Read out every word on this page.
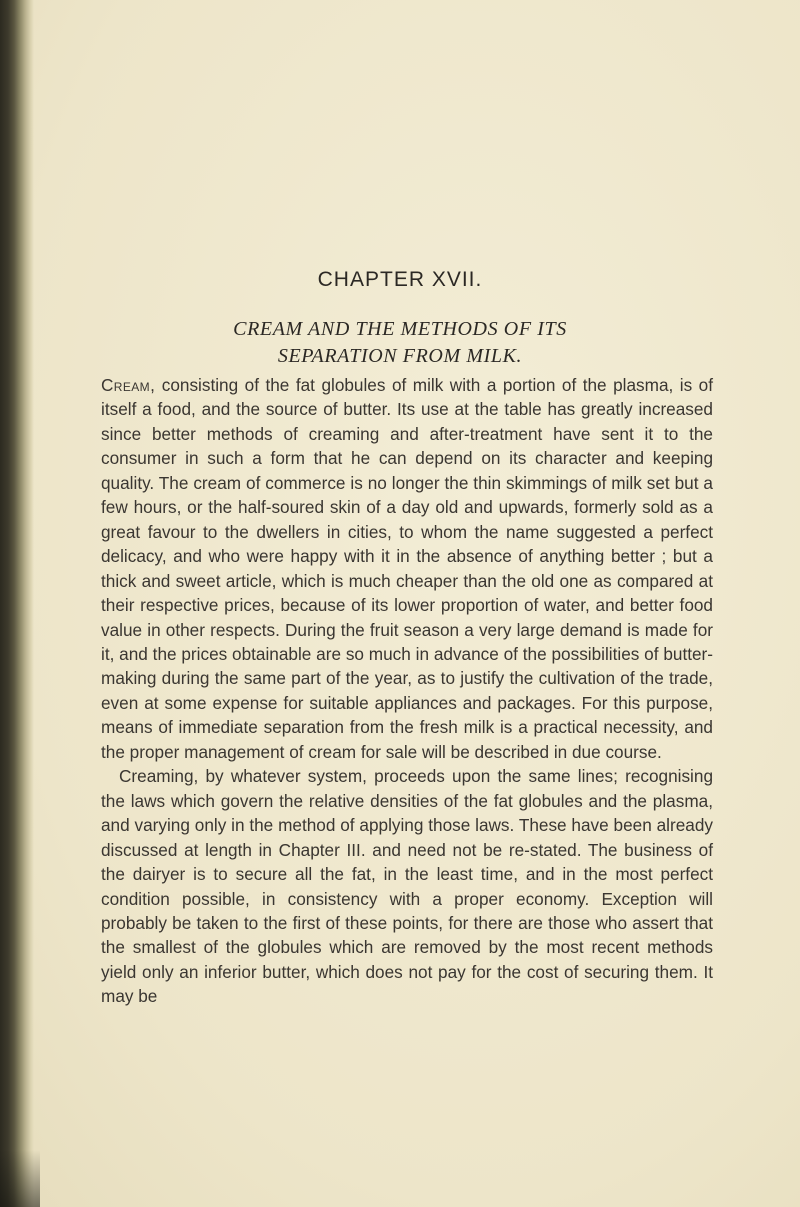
CHAPTER XVII.
CREAM AND THE METHODS OF ITS
SEPARATION FROM MILK.

Cream, consisting of the fat globules of milk with a portion of the plasma, is of itself a food, and the source of butter. Its use at the table has greatly increased since better methods of creaming and after-treatment have sent it to the consumer in such a form that he can depend on its character and keeping quality. The cream of commerce is no longer the thin skimmings of milk set but a few hours, or the half-soured skin of a day old and upwards, formerly sold as a great favour to the dwellers in cities, to whom the name suggested a perfect delicacy, and who were happy with it in the absence of anything better ; but a thick and sweet article, which is much cheaper than the old one as compared at their respective prices, because of its lower proportion of water, and better food value in other respects. During the fruit season a very large demand is made for it, and the prices obtainable are so much in advance of the possibilities of butter-making during the same part of the year, as to justify the cultivation of the trade, even at some expense for suitable appliances and packages. For this purpose, means of immediate separation from the fresh milk is a practical necessity, and the proper management of cream for sale will be described in due course.

Creaming, by whatever system, proceeds upon the same lines; recognising the laws which govern the relative densities of the fat globules and the plasma, and varying only in the method of applying those laws. These have been already discussed at length in Chapter III. and need not be re-stated. The business of the dairyer is to secure all the fat, in the least time, and in the most perfect condition possible, in consistency with a proper economy. Exception will probably be taken to the first of these points, for there are those who assert that the smallest of the globules which are removed by the most recent methods yield only an inferior butter, which does not pay for the cost of securing them. It may be
